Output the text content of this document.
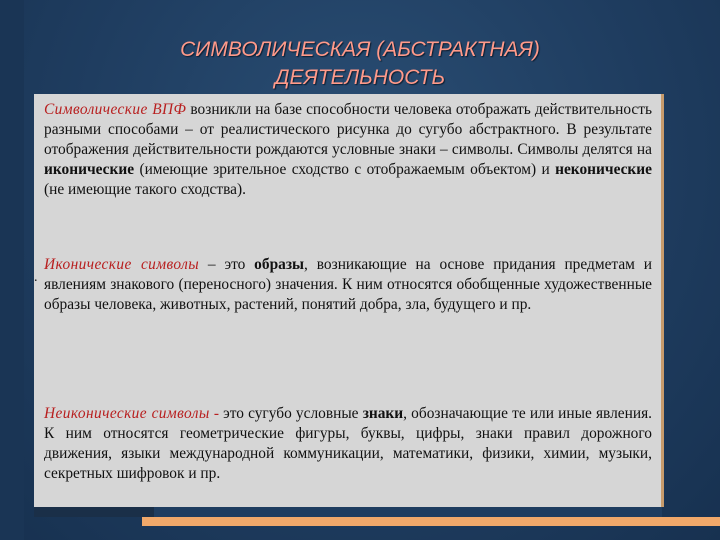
СИМВОЛИЧЕСКАЯ (АБСТРАКТНАЯ)
ДЕЯТЕЛЬНОСТЬ
Символические ВПФ возникли на базе способности человека отображать действительность разными способами – от реалистического рисунка до сугубо абстрактного. В результате отображения действительности рождаются условные знаки – символы. Символы делятся на иконические (имеющие зрительное сходство с отображаемым объектом) и неконические (не имеющие такого сходства).
.
Иконические символы – это образы, возникающие на основе придания предметам и явлениям знакового (переносного) значения. К ним относятся обобщенные художественные образы человека, животных, растений, понятий добра, зла, будущего и пр.
Неиконические символы - это сугубо условные знаки, обозначающие те или иные явления. К ним относятся геометрические фигуры, буквы, цифры, знаки правил дорожного движения, языки международной коммуникации, математики, физики, химии, музыки, секретных шифровок и пр.
